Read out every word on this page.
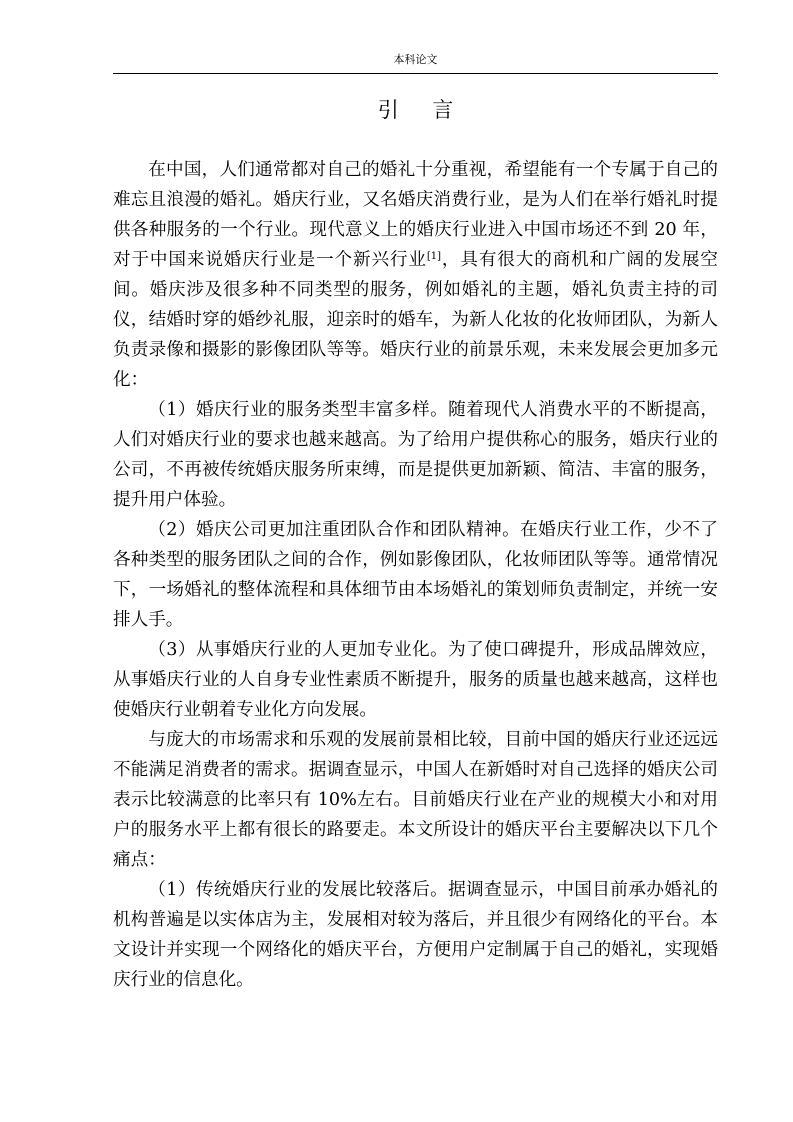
本科论文
引言

在中国，人们通常都对自己的婚礼十分重视，希望能有一个专属于自己的难忘且浪漫的婚礼。婚庆行业，又名婚庆消费行业，是为人们在举行婚礼时提供各种服务的一个行业。现代意义上的婚庆行业进入中国市场还不到 20 年，对于中国来说婚庆行业是一个新兴行业[1]，具有很大的商机和广阔的发展空间。婚庆涉及很多种不同类型的服务，例如婚礼的主题，婚礼负责主持的司仪，结婚时穿的婚纱礼服，迎亲时的婚车，为新人化妆的化妆师团队，为新人负责录像和摄影的影像团队等等。婚庆行业的前景乐观，未来发展会更加多元化：

（1）婚庆行业的服务类型丰富多样。随着现代人消费水平的不断提高，人们对婚庆行业的要求也越来越高。为了给用户提供称心的服务，婚庆行业的公司，不再被传统婚庆服务所束缚，而是提供更加新颖、简洁、丰富的服务，提升用户体验。

（2）婚庆公司更加注重团队合作和团队精神。在婚庆行业工作，少不了各种类型的服务团队之间的合作，例如影像团队，化妆师团队等等。通常情况下，一场婚礼的整体流程和具体细节由本场婚礼的策划师负责制定，并统一安排人手。

（3）从事婚庆行业的人更加专业化。为了使口碑提升，形成品牌效应，从事婚庆行业的人自身专业性素质不断提升，服务的质量也越来越高，这样也使婚庆行业朝着专业化方向发展。

与庞大的市场需求和乐观的发展前景相比较，目前中国的婚庆行业还远远不能满足消费者的需求。据调查显示，中国人在新婚时对自己选择的婚庆公司表示比较满意的比率只有 10%左右。目前婚庆行业在产业的规模大小和对用户的服务水平上都有很长的路要走。本文所设计的婚庆平台主要解决以下几个痛点：

（1）传统婚庆行业的发展比较落后。据调查显示，中国目前承办婚礼的机构普遍是以实体店为主，发展相对较为落后，并且很少有网络化的平台。本文设计并实现一个网络化的婚庆平台，方便用户定制属于自己的婚礼，实现婚庆行业的信息化。
